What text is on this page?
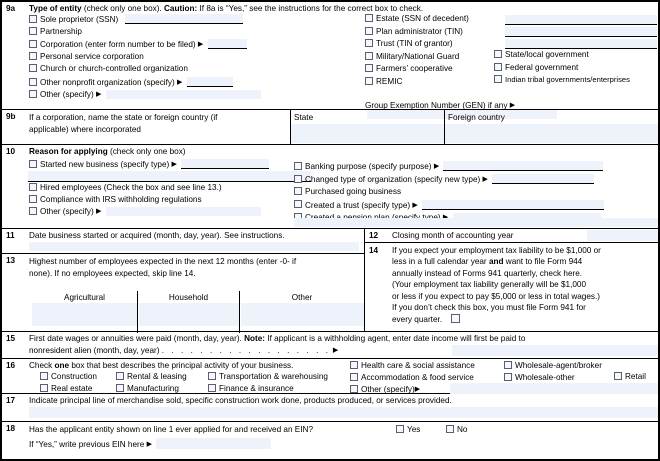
9a Type of entity (check only one box). Caution: If 8a is “Yes,” see the instructions for the correct box to check.
Sole proprietor (SSN)
Partnership
Corporation (enter form number to be filed) ▶
Personal service corporation
Church or church-controlled organization
Other nonprofit organization (specify) ▶
Other (specify) ▶
Estate (SSN of decedent)
Plan administrator (TIN)
Trust (TIN of grantor)
Military/National Guard
Farmers’ cooperative
REMIC
State/local government
Federal government
Indian tribal governments/enterprises
Group Exemption Number (GEN) if any ▶
9b If a corporation, name the state or foreign country (if
applicable) where incorporated
State	Foreign country
10 Reason for applying (check only one box)
Started new business (specify type) ▶
Hired employees (Check the box and see line 13.)
Compliance with IRS withholding regulations
Other (specify) ▶
Banking purpose (specify purpose) ▶
Changed type of organization (specify new type) ▶
Purchased going business
Created a trust (specify type) ▶

11 Date business started or acquired (month, day, year). See instructions.
13 Highest number of employees expected in the next 12 months (enter -0- if
none). If no employees expected, skip line 14.
Agricultural	Household	Other
12 Closing month of accounting year
14 If you expect your employment tax liability to be $1,000 or
less in a full calendar year and want to file Form 944
annually instead of Forms 941 quarterly, check here.
(Your employment tax liability generally will be $1,000
or less if you expect to pay $5,000 or less in total wages.)
If you don’t check this box, you must file Form 941 for
every quarter.
15 First date wages or annuities were paid (month, day, year). Note: If applicant is a withholding agent, enter date income will first be paid to
nonresident alien (month, day, year) . . . . . . . . . . . . . . . . . . ▶
16 Check one box that best describes the principal activity of your business.
Construction
Real estate
Rental & leasing
Manufacturing
Transportation & warehousing
Finance & insurance
Health care & social assistance
Accommodation & food service
Other (specify)▶
Wholesale-agent/broker
Wholesale-other	Retail
17 Indicate principal line of merchandise sold, specific construction work done, products produced, or services provided.
18 Has the applicant entity shown on line 1 ever applied for and received an EIN?	Yes	No
If “Yes,” write previous EIN here ▶
